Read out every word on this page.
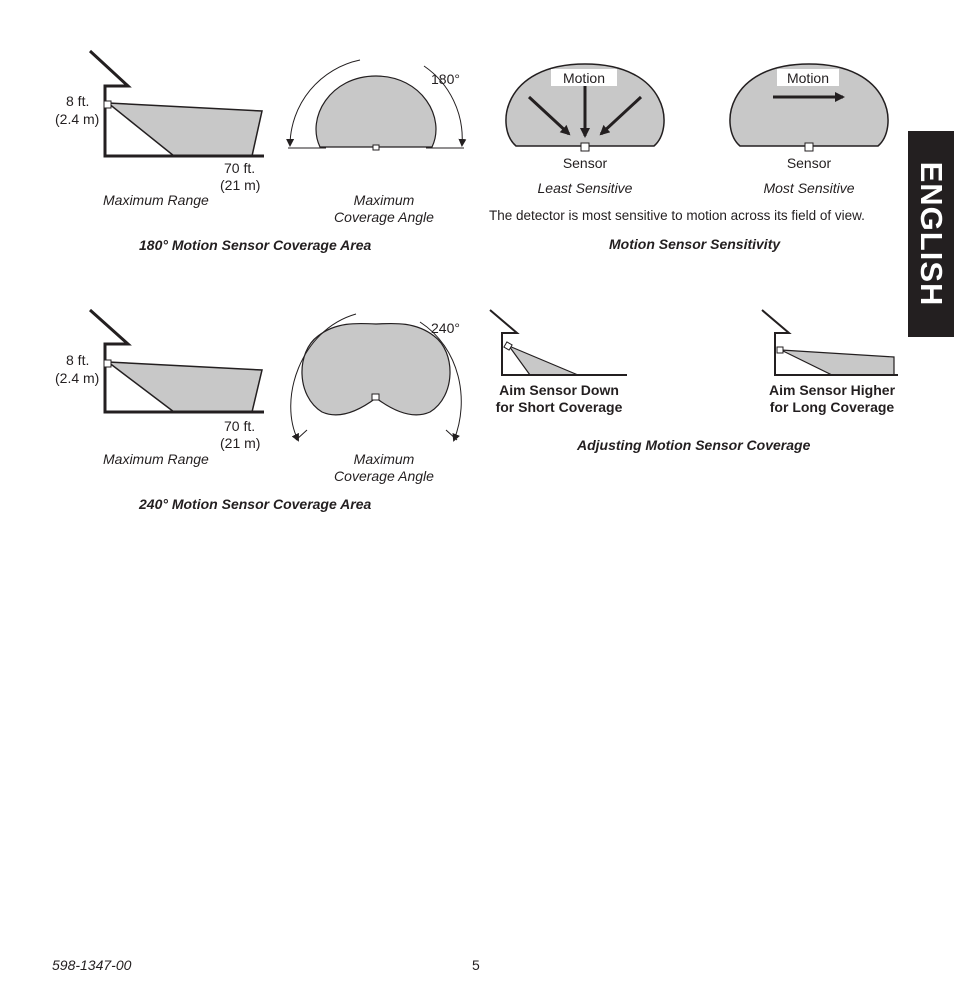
8 ft.
(2.4 m)
70 ft.
(21 m)
Maximum Range
180°
Maximum
Coverage Angle
180° Motion Sensor Coverage Area
8 ft.
(2.4 m)
70 ft.
(21 m)
Maximum Range
240°
Maximum
Coverage Angle
240° Motion Sensor Coverage Area
Motion
Sensor
Least Sensitive
Motion
Sensor
Most Sensitive
The detector is most sensitive to motion across its field of view.
Motion Sensor Sensitivity
Aim Sensor Down
for Short Coverage
Aim Sensor Higher
for Long Coverage
Adjusting Motion Sensor Coverage
ENGLISH
598-1347-00	5
